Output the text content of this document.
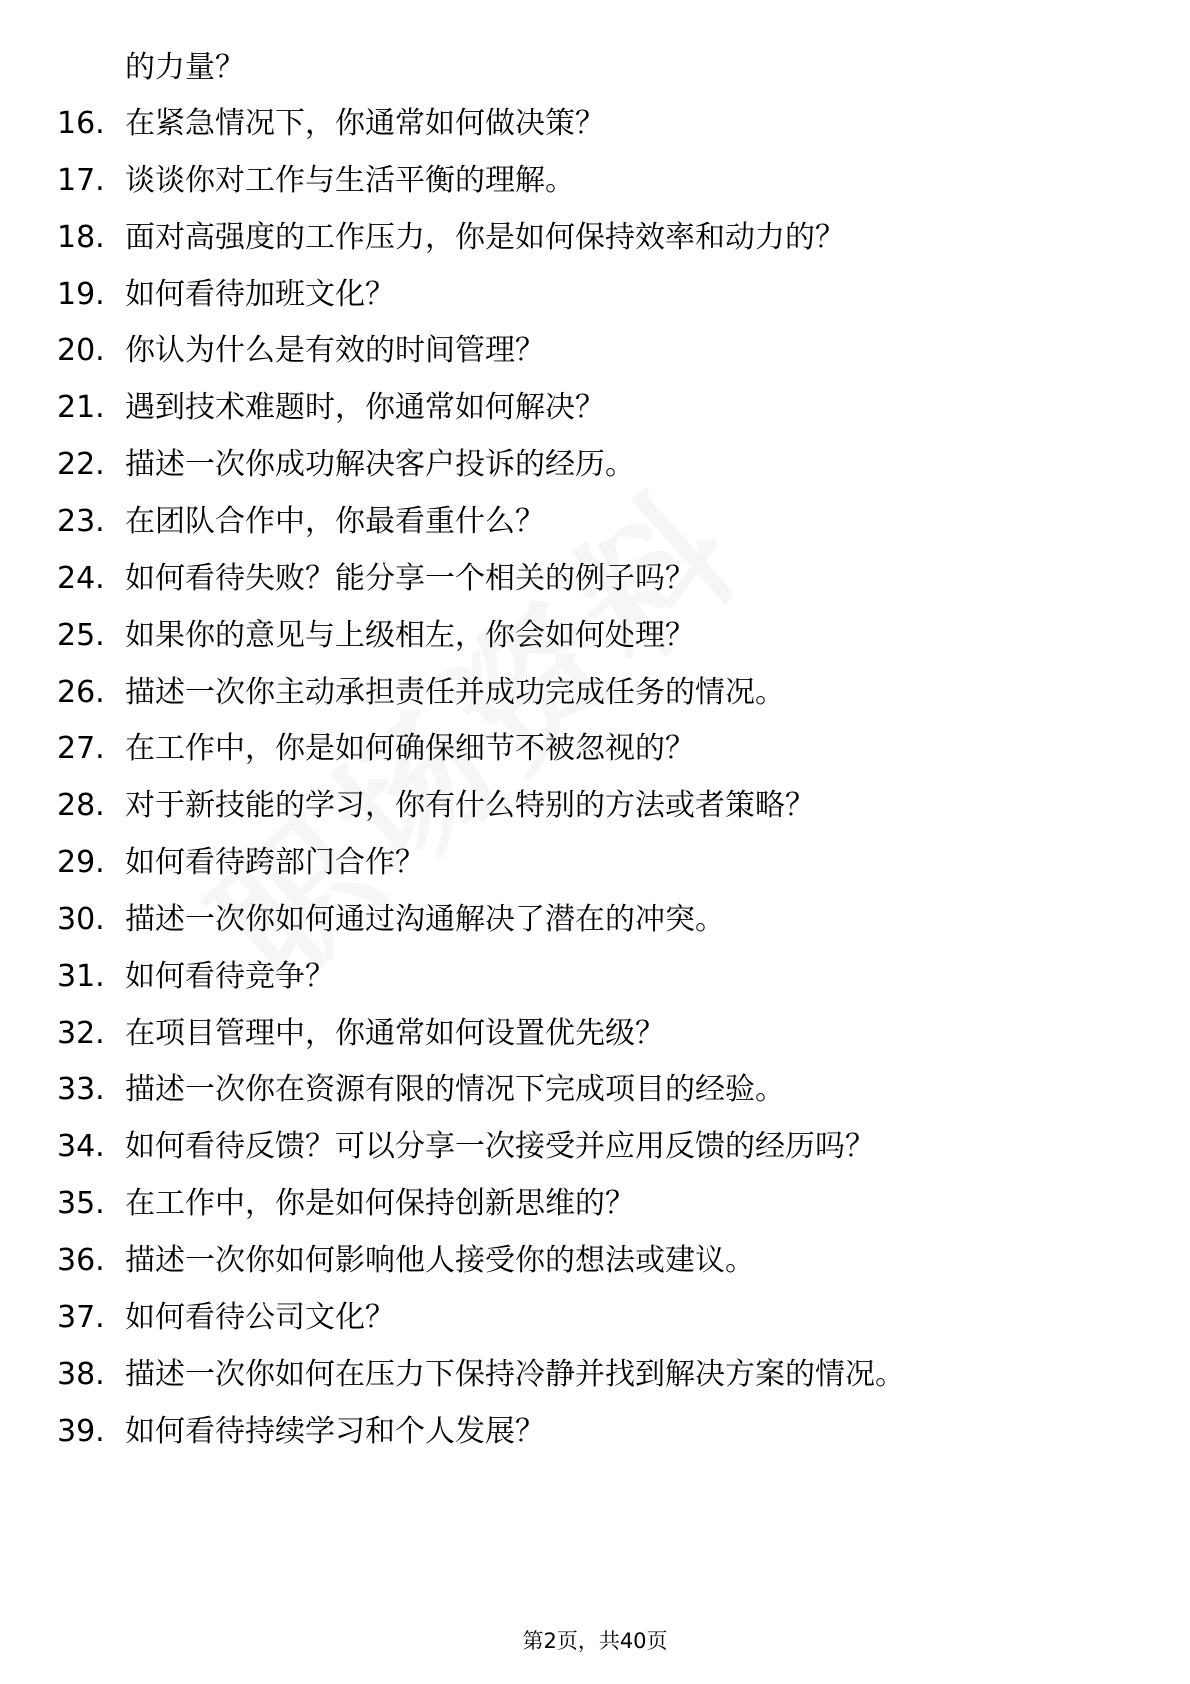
的力量？
16. 在紧急情况下，你通常如何做决策？
17. 谈谈你对工作与生活平衡的理解。
18. 面对高强度的工作压力，你是如何保持效率和动力的？
19. 如何看待加班文化？
20. 你认为什么是有效的时间管理？
21. 遇到技术难题时，你通常如何解决？
22. 描述一次你成功解决客户投诉的经历。
23. 在团队合作中，你最看重什么？
24. 如何看待失败？能分享一个相关的例子吗？
25. 如果你的意见与上级相左，你会如何处理？
26. 描述一次你主动承担责任并成功完成任务的情况。
27. 在工作中，你是如何确保细节不被忽视的？
28. 对于新技能的学习，你有什么特别的方法或者策略？
29. 如何看待跨部门合作？
30. 描述一次你如何通过沟通解决了潜在的冲突。
31. 如何看待竞争？
32. 在项目管理中，你通常如何设置优先级？
33. 描述一次你在资源有限的情况下完成项目的经验。
34. 如何看待反馈？可以分享一次接受并应用反馈的经历吗？
35. 在工作中，你是如何保持创新思维的？
36. 描述一次你如何影响他人接受你的想法或建议。
37. 如何看待公司文化？
38. 描述一次你如何在压力下保持冷静并找到解决方案的情况。
39. 如何看待持续学习和个人发展？
第2页，共40页
